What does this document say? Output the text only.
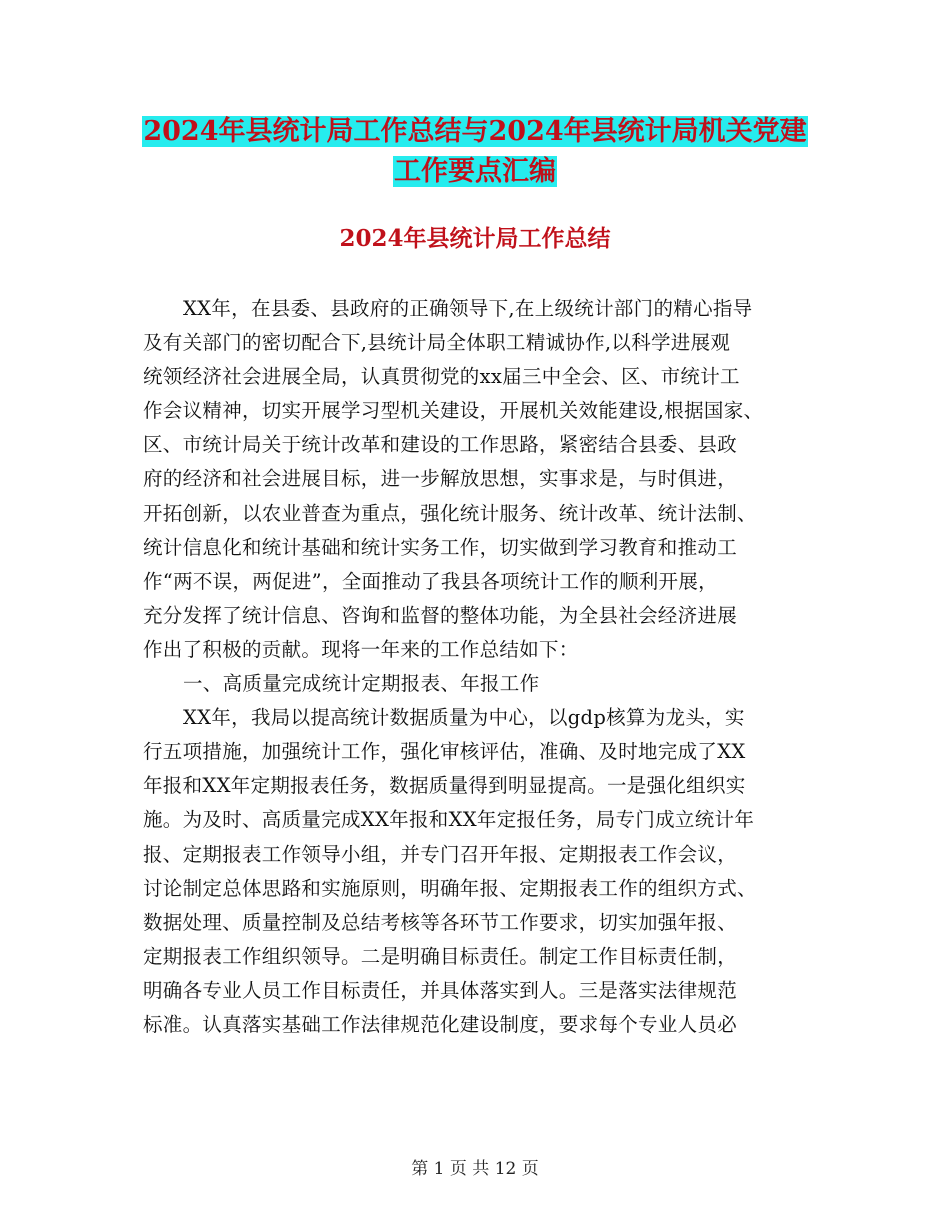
2024年县统计局工作总结与2024年县统计局机关党建
工作要点汇编
2024年县统计局工作总结
XX年，在县委、县政府的正确领导下,在上级统计部门的精心指导
及有关部门的密切配合下,县统计局全体职工精诚协作,以科学进展观
统领经济社会进展全局，认真贯彻党的xx届三中全会、区、市统计工
作会议精神，切实开展学习型机关建设，开展机关效能建设,根据国家、
区、市统计局关于统计改革和建设的工作思路，紧密结合县委、县政
府的经济和社会进展目标，进一步解放思想，实事求是，与时俱进，
开拓创新，以农业普查为重点，强化统计服务、统计改革、统计法制、
统计信息化和统计基础和统计实务工作，切实做到学习教育和推动工
作“两不误，两促进”，全面推动了我县各项统计工作的顺利开展，
充分发挥了统计信息、咨询和监督的整体功能，为全县社会经济进展
作出了积极的贡献。现将一年来的工作总结如下：
一、高质量完成统计定期报表、年报工作
XX年，我局以提高统计数据质量为中心，以gdp核算为龙头，实
行五项措施，加强统计工作，强化审核评估，准确、及时地完成了XX
年报和XX年定期报表任务，数据质量得到明显提高。一是强化组织实
施。为及时、高质量完成XX年报和XX年定报任务，局专门成立统计年
报、定期报表工作领导小组，并专门召开年报、定期报表工作会议，
讨论制定总体思路和实施原则，明确年报、定期报表工作的组织方式、
数据处理、质量控制及总结考核等各环节工作要求，切实加强年报、
定期报表工作组织领导。二是明确目标责任。制定工作目标责任制，
明确各专业人员工作目标责任，并具体落实到人。三是落实法律规范
标准。认真落实基础工作法律规范化建设制度，要求每个专业人员必
第 1 页 共 12 页
